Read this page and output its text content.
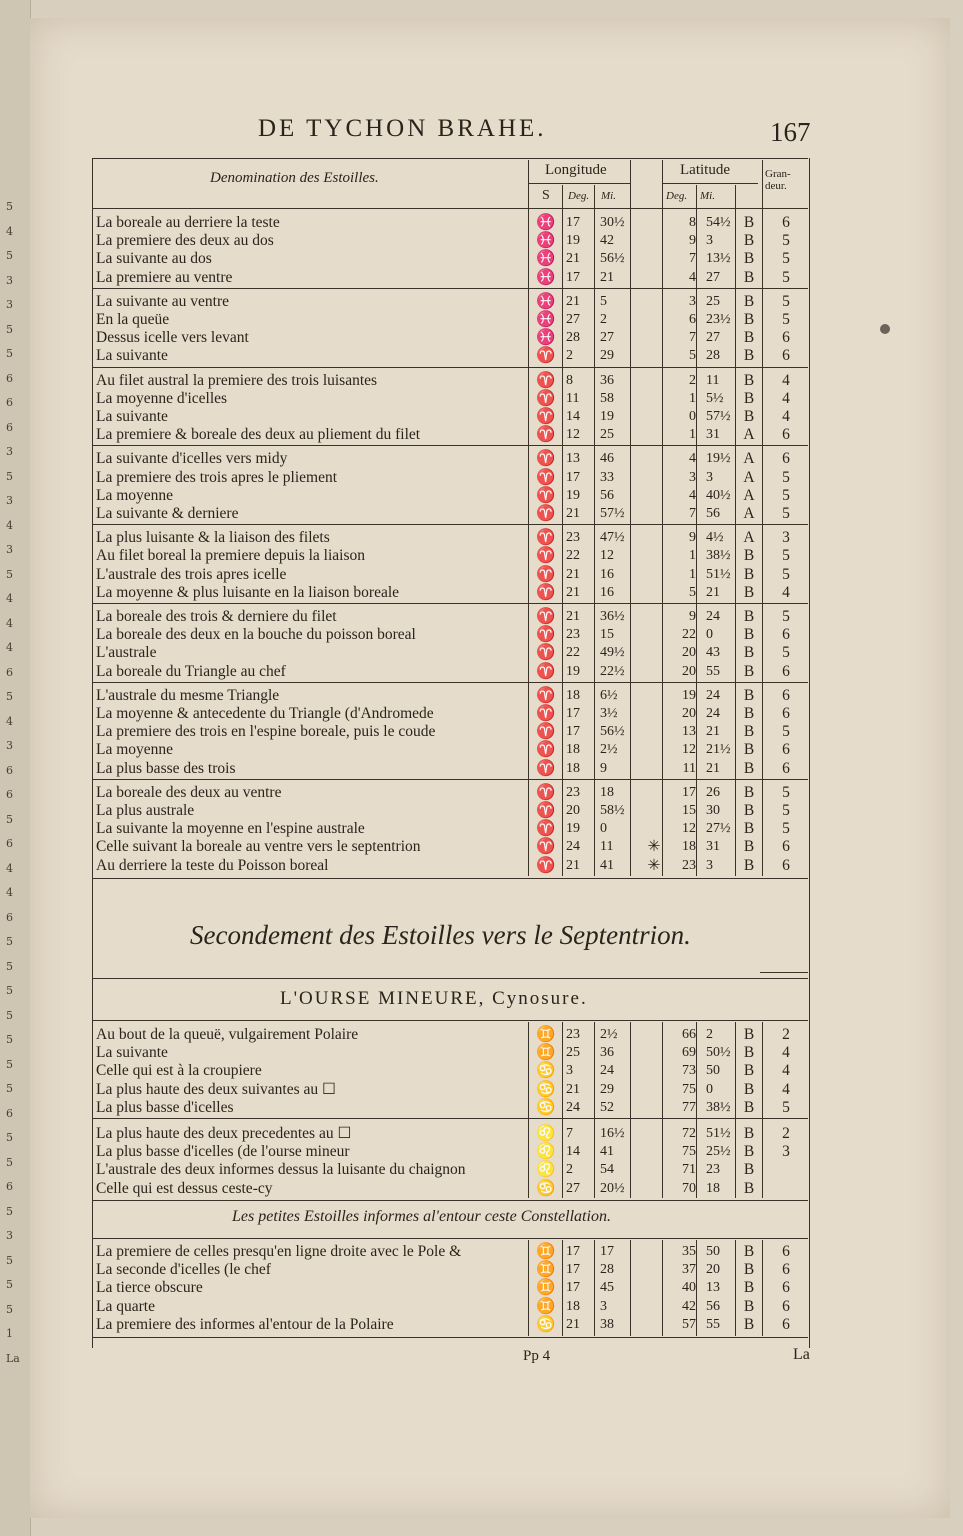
5
4
5
3
3
5
5
6
6
6
3
5
3
4
3
5
4
4
4
6
5
4
3
6
6
5
6
4
4
6
5
5
5
5
5
5
5
6
5
5
6
5
3
5
5
5
1
La
DE TYCHON BRAHE.	167
Denomination des Estoilles.	Longitude	Latitude	Gran-deur.
S Deg. Mi.	Deg. Mi.
La boreale au derriere la teste	♓ 17	30½	8 54½ B 6
La premiere des deux au dos	♓ 19	42	9 3	B 5
La suivante au dos	♓ 21	56½	7 13½ B 5
La premiere au ventre	♓ 17	21	4 27	B 5
La suivante au ventre	♓ 21	5	3 25	B 5
En la queüe	♓ 27	2	6 23½ B 5
Dessus icelle vers levant	♓ 28	27	7 27	B 6
La suivante	♈ 2	29	5 28	B 6
Au filet austral la premiere des trois luisantes	♈ 8	36	2 11	B 4
La moyenne d'icelles	♈ 11	58	1 5½	B 4
La suivante	♈ 14	19	0 57½ B 4
La premiere & boreale des deux au pliement du filet	♈ 12	25	1 31	A 6
La suivante d'icelles vers midy	♈ 13	46	4 19½ A 6
La premiere des trois apres le pliement	♈ 17	33	3 3	A 5
La moyenne	♈ 19	56	4 40½ A 5
La suivante & derniere	♈ 21	57½	7 56	A 5
La plus luisante & la liaison des filets	♈ 23	47½	9 4½	A 3
Au filet boreal la premiere depuis la liaison	♈ 22	12	1 38½ B 5
L'australe des trois apres icelle	♈ 21	16	1 51½ B 5
La moyenne & plus luisante en la liaison boreale	♈ 21	16	5 21	B 4
La boreale des trois & derniere du filet	♈ 21	36½	9 24	B 5
La boreale des deux en la bouche du poisson boreal	♈ 23	15	22 0	B 6
L'australe	♈ 22	49½	20 43	B 5
La boreale du Triangle au chef	♈ 19	22½	20 55	B 6
L'australe du mesme Triangle	♈ 18	6½	19 24	B 6
La moyenne & antecedente du Triangle (d'Andromede	♈ 17	3½	20 24	B 6
La premiere des trois en l'espine boreale, puis le coude	♈ 17	56½	13 21	B 5
La moyenne	♈ 18	2½	12 21½ B 6
La plus basse des trois	♈ 18	9	11 21	B 6
La boreale des deux au ventre	♈ 23	18	17 26	B 5
La plus australe	♈ 20	58½	15 30	B 5
La suivante la moyenne en l'espine australe	♈ 19	0	12 27½ B 5
Celle suivant la boreale au ventre vers le septentrion	♈ 24	11	✳	18 31	B 6
Au derriere la teste du Poisson boreal	♈ 21	41	✳	23 3	B 6
Secondement des Estoilles vers le Septentrion.
L'OURSE MINEURE, Cynosure.
Au bout de la queuë, vulgairement Polaire	♊ 23	2½	66 2	B 2
La suivante	♊ 25	36	69 50½ B 4
Celle qui est à la croupiere	♋ 3	24	73 50	B 4
La plus haute des deux suivantes au ☐	♋ 21	29	75 0	B 4
La plus basse d'icelles	♋ 24	52	77 38½ B 5
La plus haute des deux precedentes au ☐	♌ 7	16½	72 51½ B 2
La plus basse d'icelles (de l'ourse mineur	♌ 14	41	75 25½ B 3
L'australe des deux informes dessus la luisante du chaignon	♌ 2	54	71 23	B
Celle qui est dessus ceste-cy	♋ 27	20½	70 18	B
Les petites Estoilles informes al'entour ceste Constellation.
La premiere de celles presqu'en ligne droite avec le Pole &	♊ 17	17	35 50	B 6
La seconde d'icelles (le chef	♊ 17	28	37 20	B 6
La tierce obscure	♊ 17	45	40 13	B 6
La quarte	♊ 18	3	42 56	B 6
La premiere des informes al'entour de la Polaire	♋ 21	38	57 55	B 6
Pp 4	La
